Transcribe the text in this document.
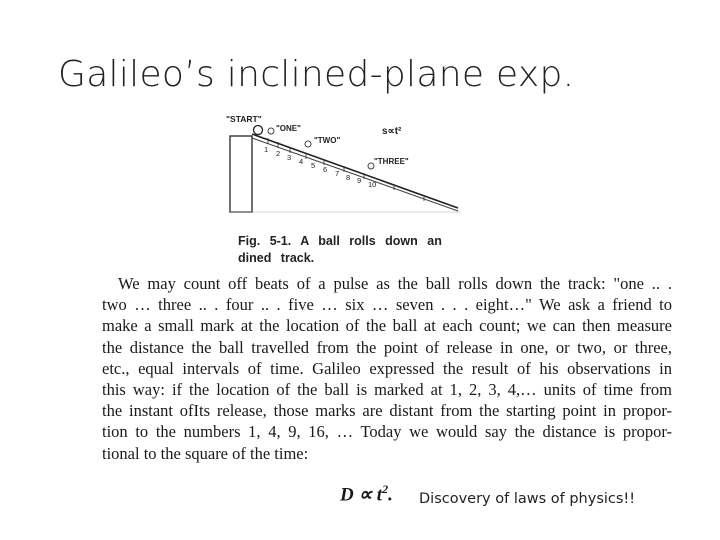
Galileo’s inclined-plane exp.
"START"
"ONE"
"TWO"
"THREE"
s∝t²
1 2 3 4 5 6 7 8 9 10
Fig. 5-1. A ball rolls down an
dined track.
We may count off beats of a pulse as the ball rolls down the track: "one .. .
two … three .. . four .. . five … six … seven . . . eight…" We ask a friend to
make a small mark at the location of the ball at each count; we can then measure
the distance the ball travelled from the point of release in one, or two, or three,
etc., equal intervals of time. Galileo expressed the result of his observations in
this way: if the location of the ball is marked at 1, 2, 3, 4,… units of time from
the instant ofIts release, those marks are distant from the starting point in propor-
tion to the numbers 1, 4, 9, 16, … Today we would say the distance is propor-
tional to the square of the time:
$D \propto t^2$. Discovery of laws of physics!!
